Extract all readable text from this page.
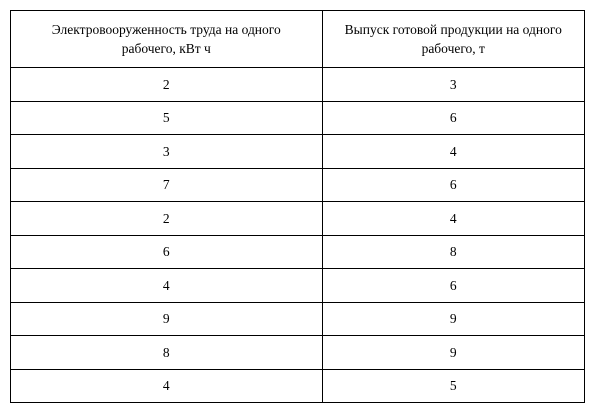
Электровооруженность труда на одного рабочего, кВт ч	Выпуск готовой продукции на одного рабочего, т
2	3
5	6
3	4
7	6
2	4
6	8
4	6
9	9
8	9
4	5
